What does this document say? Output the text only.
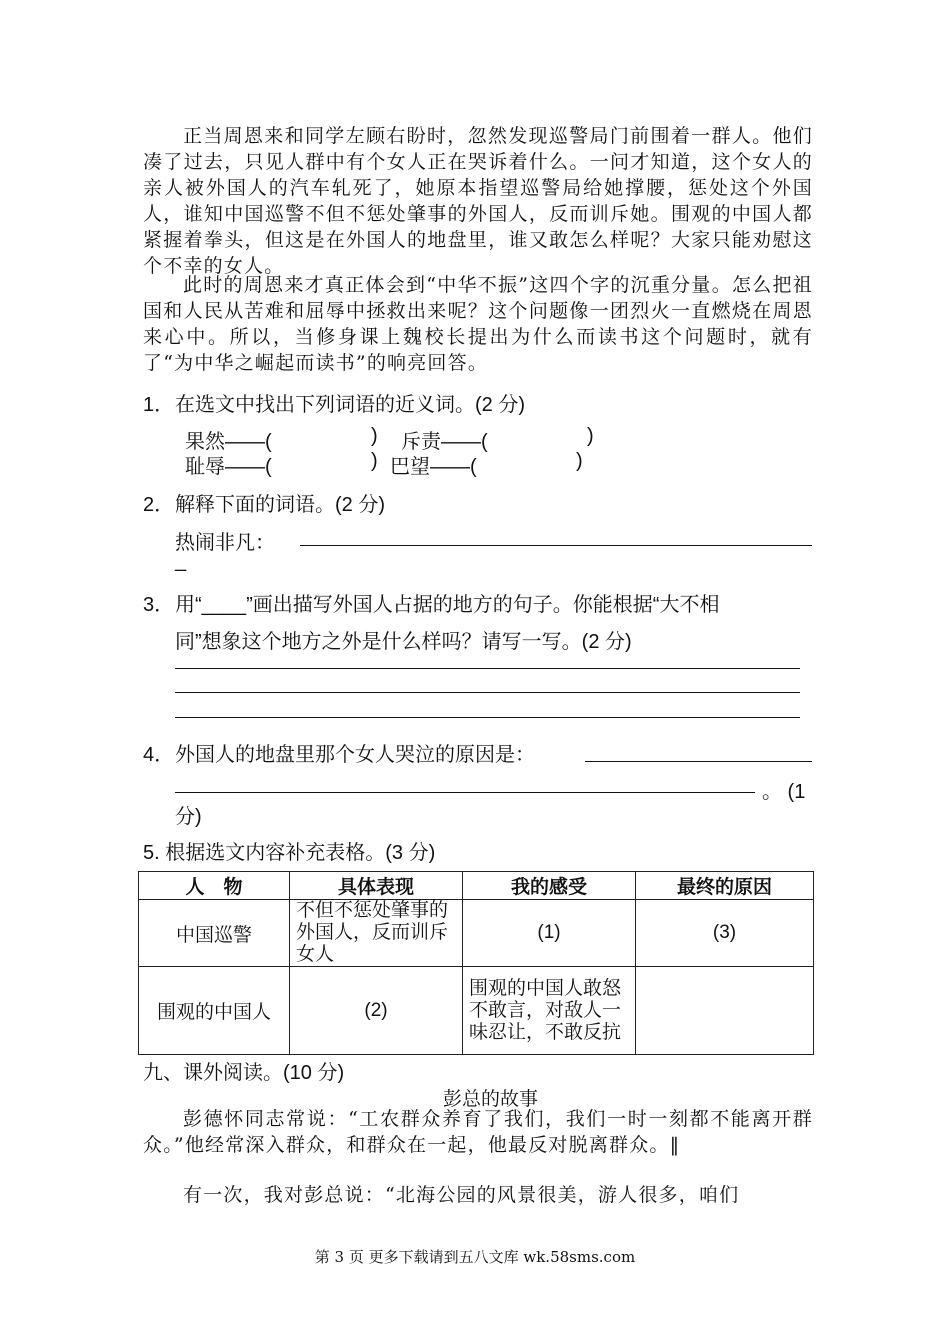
正当周恩来和同学左顾右盼时，忽然发现巡警局门前围着一群人。他们凑了过去，只见人群中有个女人正在哭诉着什么。一问才知道，这个女人的亲人被外国人的汽车轧死了，她原本指望巡警局给她撑腰，惩处这个外国人，谁知中国巡警不但不惩处肇事的外国人，反而训斥她。围观的中国人都紧握着拳头，但这是在外国人的地盘里，谁又敢怎么样呢？大家只能劝慰这个不幸的女人。
此时的周恩来才真正体会到“中华不振”这四个字的沉重分量。怎么把祖国和人民从苦难和屈辱中拯救出来呢？这个问题像一团烈火一直燃烧在周恩来心中。所以，当修身课上魏校长提出为什么而读书这个问题时，就有了“为中华之崛起而读书”的响亮回答。
1． 在选文中找出下列词语的近义词。(2 分)
果然——(	) 斥责——(	)
耻辱——(	) 巴望——(	)
2． 解释下面的词语。(2 分)
热闹非凡：
_
3． 用“____”画出描写外国人占据的地方的句子。你能根据“大不相
同”想象这个地方之外是什么样吗？请写一写。(2 分)
4． 外国人的地盘里那个女人哭泣的原因是：
。 (1
分)
5. 根据选文内容补充表格。(3 分)
人　物	具体表现	我的感受	最终的原因
中国巡警	不但不惩处肇事的外国人，反而训斥女人	(1)	(3)
围观的中国人	(2)	围观的中国人敢怒不敢言，对敌人一味忍让，不敢反抗	
九、课外阅读。(10 分)
彭总的故事
彭德怀同志常说：“工农群众养育了我们，我们一时一刻都不能离开群众。”他经常深入群众，和群众在一起，他最反对脱离群众。‖
有一次，我对彭总说：“北海公园的风景很美，游人很多，咱们
第 3 页 更多下载请到五八文库 wk.58sms.com
